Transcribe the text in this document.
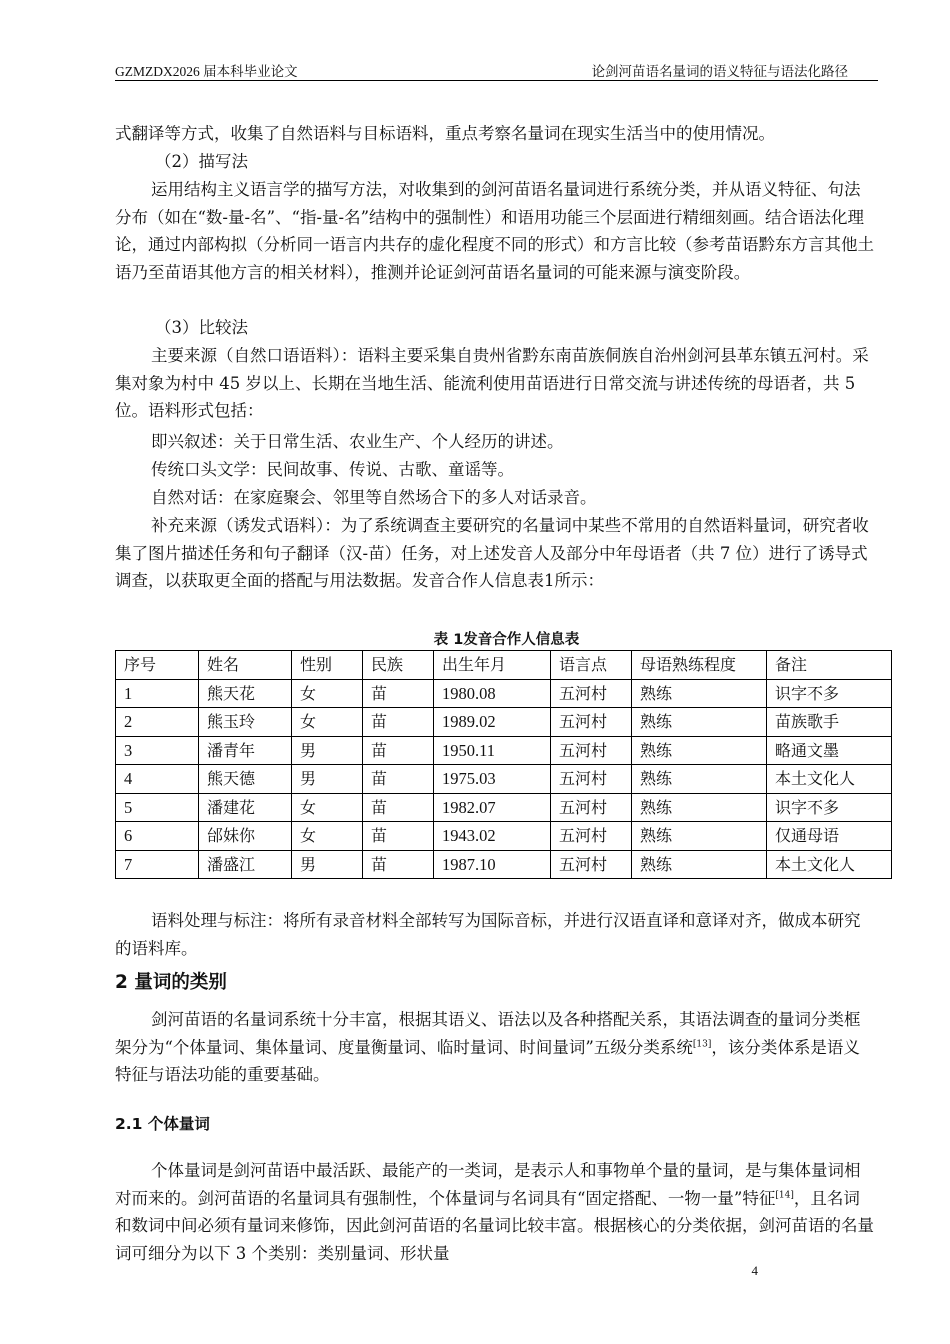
GZMZDX2026 届本科毕业论文	论剑河苗语名量词的语义特征与语法化路径

式翻译等方式，收集了自然语料与目标语料，重点考察名量词在现实生活当中的使用情况。

（2）描写法

运用结构主义语言学的描写方法，对收集到的剑河苗语名量词进行系统分类，并从语义特征、句法分布（如在“数-量-名”、“指-量-名”结构中的强制性）和语用功能三个层面进行精细刻画。结合语法化理论，通过内部构拟（分析同一语言内共存的虚化程度不同的形式）和方言比较（参考苗语黔东方言其他土语乃至苗语其他方言的相关材料），推测并论证剑河苗语名量词的可能来源与演变阶段。

（3）比较法

主要来源（自然口语语料）：语料主要采集自贵州省黔东南苗族侗族自治州剑河县革东镇五河村。采集对象为村中 45 岁以上、长期在当地生活、能流利使用苗语进行日常交流与讲述传统的母语者，共 5 位。语料形式包括：

即兴叙述：关于日常生活、农业生产、个人经历的讲述。

传统口头文学：民间故事、传说、古歌、童谣等。

自然对话：在家庭聚会、邻里等自然场合下的多人对话录音。

补充来源（诱发式语料）：为了系统调查主要研究的名量词中某些不常用的自然语料量词，研究者收集了图片描述任务和句子翻译（汉-苗）任务，对上述发音人及部分中年母语者（共 7 位）进行了诱导式调查，以获取更全面的搭配与用法数据。发音合作人信息表1所示：

表 1发音合作人信息表
序号	姓名	性别	民族	出生年月	语言点	母语熟练程度	备注
1	熊天花	女	苗	1980.08	五河村	熟练	识字不多
2	熊玉玲	女	苗	1989.02	五河村	熟练	苗族歌手
3	潘青年	男	苗	1950.11	五河村	熟练	略通文墨
4	熊天德	男	苗	1975.03	五河村	熟练	本土文化人
5	潘建花	女	苗	1982.07	五河村	熟练	识字不多
6	邰妹你	女	苗	1943.02	五河村	熟练	仅通母语
7	潘盛江	男	苗	1987.10	五河村	熟练	本土文化人

语料处理与标注：将所有录音材料全部转写为国际音标，并进行汉语直译和意译对齐，做成本研究的语料库。

2 量词的类别

剑河苗语的名量词系统十分丰富，根据其语义、语法以及各种搭配关系，其语法调查的量词分类框架分为“个体量词、集体量词、度量衡量词、临时量词、时间量词”五级分类系统[13]，该分类体系是语义特征与语法功能的重要基础。

2.1 个体量词

个体量词是剑河苗语中最活跃、最能产的一类词，是表示人和事物单个量的量词，是与集体量词相对而来的。剑河苗语的名量词具有强制性，个体量词与名词具有“固定搭配、一物一量”特征[14]，且名词和数词中间必须有量词来修饰，因此剑河苗语的名量词比较丰富。根据核心的分类依据，剑河苗语的名量词可细分为以下 3 个类别：类别量词、形状量

4
